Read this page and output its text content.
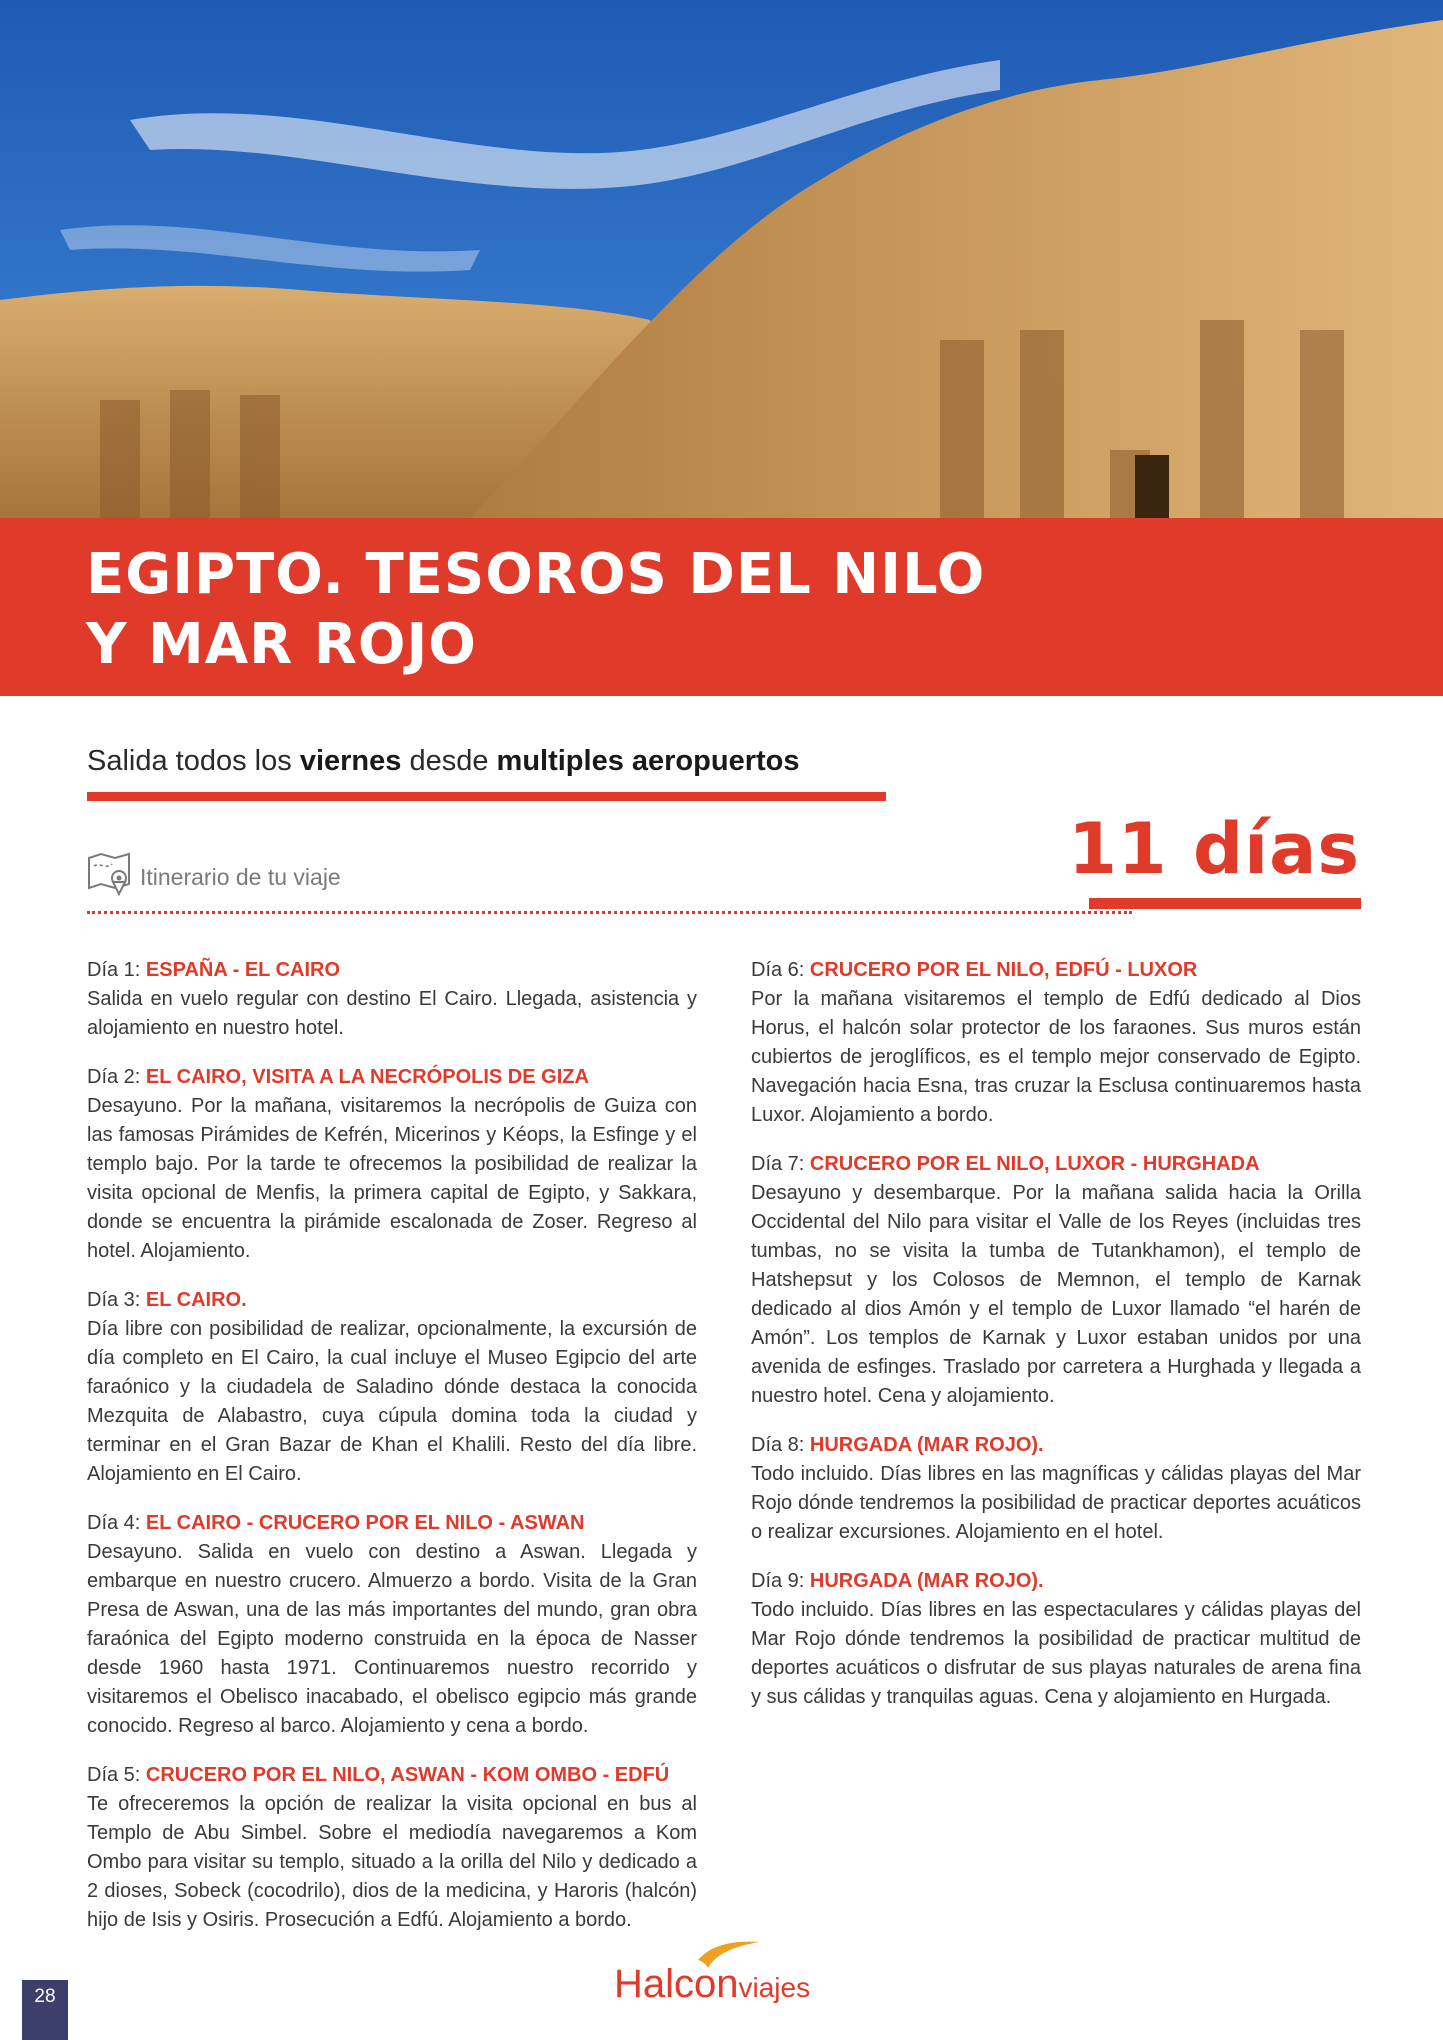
EGIPTO. TESOROS DEL NILO
Y MAR ROJO
Salida todos los viernes desde multiples aeropuertos
11 días
Itinerario de tu viaje
Día 1: ESPAÑA - EL CAIRO
Salida en vuelo regular con destino El Cairo. Llegada, asistencia y alojamiento en nuestro hotel.
Día 2: EL CAIRO, VISITA A LA NECRÓPOLIS DE GIZA
Desayuno. Por la mañana, visitaremos la necrópolis de Guiza con las famosas Pirámides de Kefrén, Micerinos y Kéops, la Esfinge y el templo bajo. Por la tarde te ofrecemos la posibilidad de realizar la visita opcional de Menfis, la primera capital de Egipto, y Sakkara, donde se encuentra la pirámide escalonada de Zoser. Regreso al hotel. Alojamiento.
Día 3: EL CAIRO.
Día libre con posibilidad de realizar, opcionalmente, la excursión de día completo en El Cairo, la cual incluye el Museo Egipcio del arte faraónico y la ciudadela de Saladino dónde destaca la conocida Mezquita de Alabastro, cuya cúpula domina toda la ciudad y terminar en el Gran Bazar de Khan el Khalili. Resto del día libre. Alojamiento en El Cairo.
Día 4: EL CAIRO - CRUCERO POR EL NILO - ASWAN
Desayuno. Salida en vuelo con destino a Aswan. Llegada y embarque en nuestro crucero. Almuerzo a bordo. Visita de la Gran Presa de Aswan, una de las más importantes del mundo, gran obra faraónica del Egipto moderno construida en la época de Nasser desde 1960 hasta 1971. Continuaremos nuestro recorrido y visitaremos el Obelisco inacabado, el obelisco egipcio más grande conocido. Regreso al barco. Alojamiento y cena a bordo.
Día 5: CRUCERO POR EL NILO, ASWAN - KOM OMBO - EDFÚ
Te ofreceremos la opción de realizar la visita opcional en bus al Templo de Abu Simbel. Sobre el mediodía navegaremos a Kom Ombo para visitar su templo, situado a la orilla del Nilo y dedicado a 2 dioses, Sobeck (cocodrilo), dios de la medicina, y Haroris (halcón) hijo de Isis y Osiris. Prosecución a Edfú. Alojamiento a bordo.
Día 6: CRUCERO POR EL NILO, EDFÚ - LUXOR
Por la mañana visitaremos el templo de Edfú dedicado al Dios Horus, el halcón solar protector de los faraones. Sus muros están cubiertos de jeroglíficos, es el templo mejor conservado de Egipto. Navegación hacia Esna, tras cruzar la Esclusa continuaremos hasta Luxor. Alojamiento a bordo.
Día 7: CRUCERO POR EL NILO, LUXOR - HURGHADA
Desayuno y desembarque. Por la mañana salida hacia la Orilla Occidental del Nilo para visitar el Valle de los Reyes (incluidas tres tumbas, no se visita la tumba de Tutankhamon), el templo de Hatshepsut y los Colosos de Memnon, el templo de Karnak dedicado al dios Amón y el templo de Luxor llamado “el harén de Amón”. Los templos de Karnak y Luxor estaban unidos por una avenida de esfinges. Traslado por carretera a Hurghada y llegada a nuestro hotel. Cena y alojamiento.
Día 8: HURGADA (MAR ROJO).
Todo incluido. Días libres en las magníficas y cálidas playas del Mar Rojo dónde tendremos la posibilidad de practicar deportes acuáticos o realizar excursiones. Alojamiento en el hotel.
Día 9: HURGADA (MAR ROJO).
Todo incluido. Días libres en las espectaculares y cálidas playas del Mar Rojo dónde tendremos la posibilidad de practicar multitud de deportes acuáticos o disfrutar de sus playas naturales de arena fina y sus cálidas y tranquilas aguas. Cena y alojamiento en Hurgada.
28	Halconviajes
